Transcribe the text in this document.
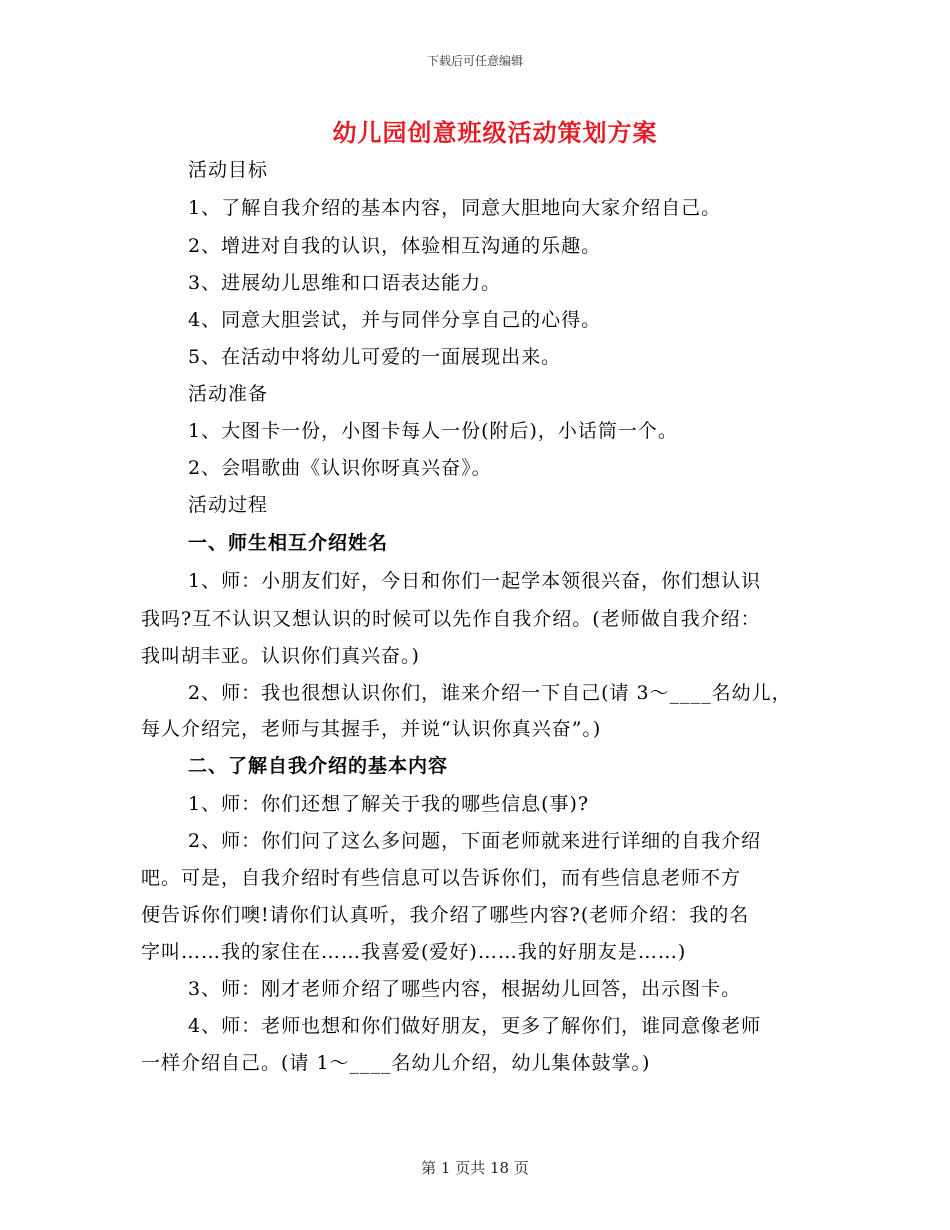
下载后可任意编辑
幼儿园创意班级活动策划方案
活动目标
1、了解自我介绍的基本内容，同意大胆地向大家介绍自己。
2、增进对自我的认识，体验相互沟通的乐趣。
3、进展幼儿思维和口语表达能力。
4、同意大胆尝试，并与同伴分享自己的心得。
5、在活动中将幼儿可爱的一面展现出来。
活动准备
1、大图卡一份，小图卡每人一份(附后)，小话筒一个。
2、会唱歌曲《认识你呀真兴奋》。
活动过程
一、师生相互介绍姓名
1、师：小朋友们好，今日和你们一起学本领很兴奋，你们想认识
我吗?互不认识又想认识的时候可以先作自我介绍。(老师做自我介绍：
我叫胡丰亚。认识你们真兴奋。)
2、师：我也很想认识你们，谁来介绍一下自己(请 3～____名幼儿，
每人介绍完，老师与其握手，并说“认识你真兴奋”。)
二、了解自我介绍的基本内容
1、师：你们还想了解关于我的哪些信息(事)?
2、师：你们问了这么多问题，下面老师就来进行详细的自我介绍
吧。可是，自我介绍时有些信息可以告诉你们，而有些信息老师不方
便告诉你们噢!请你们认真听，我介绍了哪些内容?(老师介绍：我的名
字叫……我的家住在……我喜爱(爱好)……我的好朋友是……)
3、师：刚才老师介绍了哪些内容，根据幼儿回答，出示图卡。
4、师：老师也想和你们做好朋友，更多了解你们，谁同意像老师
一样介绍自己。(请 1～____名幼儿介绍，幼儿集体鼓掌。)
第 1 页共 18 页
